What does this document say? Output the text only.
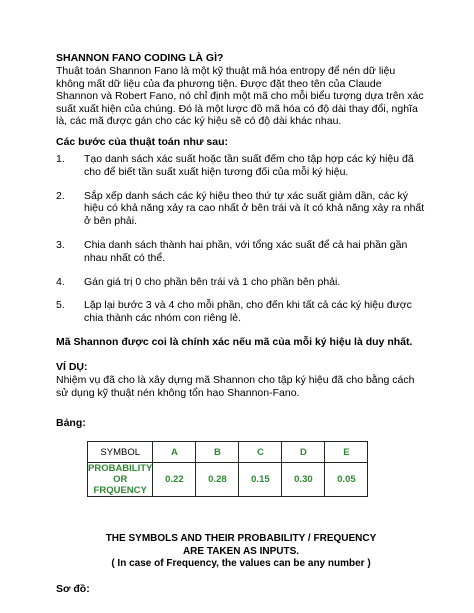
SHANNON FANO CODING LÀ GÌ?
Thuật toán Shannon Fano là một kỹ thuật mã hóa entropy để nén dữ liệu không mất dữ liệu của đa phương tiện. Được đặt theo tên của Claude Shannon và Robert Fano, nó chỉ định một mã cho mỗi biểu tượng dựa trên xác suất xuất hiện của chúng. Đó là một lược đồ mã hóa có độ dài thay đổi, nghĩa là, các mã được gán cho các ký hiệu sẽ có độ dài khác nhau.
Các bước của thuật toán như sau:
1.	Tạo danh sách xác suất hoặc tần suất đếm cho tập hợp các ký hiệu đã cho để biết tần suất xuất hiện tương đối của mỗi ký hiệu.
2.	Sắp xếp danh sách các ký hiệu theo thứ tự xác suất giảm dần, các ký hiệu có khả năng xảy ra cao nhất ở bên trái và ít có khả năng xảy ra nhất ở bên phải.
3.	Chia danh sách thành hai phần, với tổng xác suất để cả hai phần gần nhau nhất có thể.
4.	Gán giá trị 0 cho phần bên trái và 1 cho phần bên phải.
5.	Lặp lại bước 3 và 4 cho mỗi phần, cho đến khi tất cả các ký hiệu được chia thành các nhóm con riêng lẻ.
Mã Shannon được coi là chính xác nếu mã của mỗi ký hiệu là duy nhất.
VÍ DỤ:
Nhiệm vụ đã cho là xây dựng mã Shannon cho tập ký hiệu đã cho bằng cách sử dụng kỹ thuật nén không tổn hao Shannon-Fano.
Bảng:
SYMBOL	A	B	C	D	E

PROBABILITY
OR
FRQUENCY	0.22	0.28	0.15	0.30	0.05
THE SYMBOLS AND THEIR PROBABILITY / FREQUENCY
ARE TAKEN AS INPUTS.
( In case of Frequency, the values can be any number )
Sơ đồ:
